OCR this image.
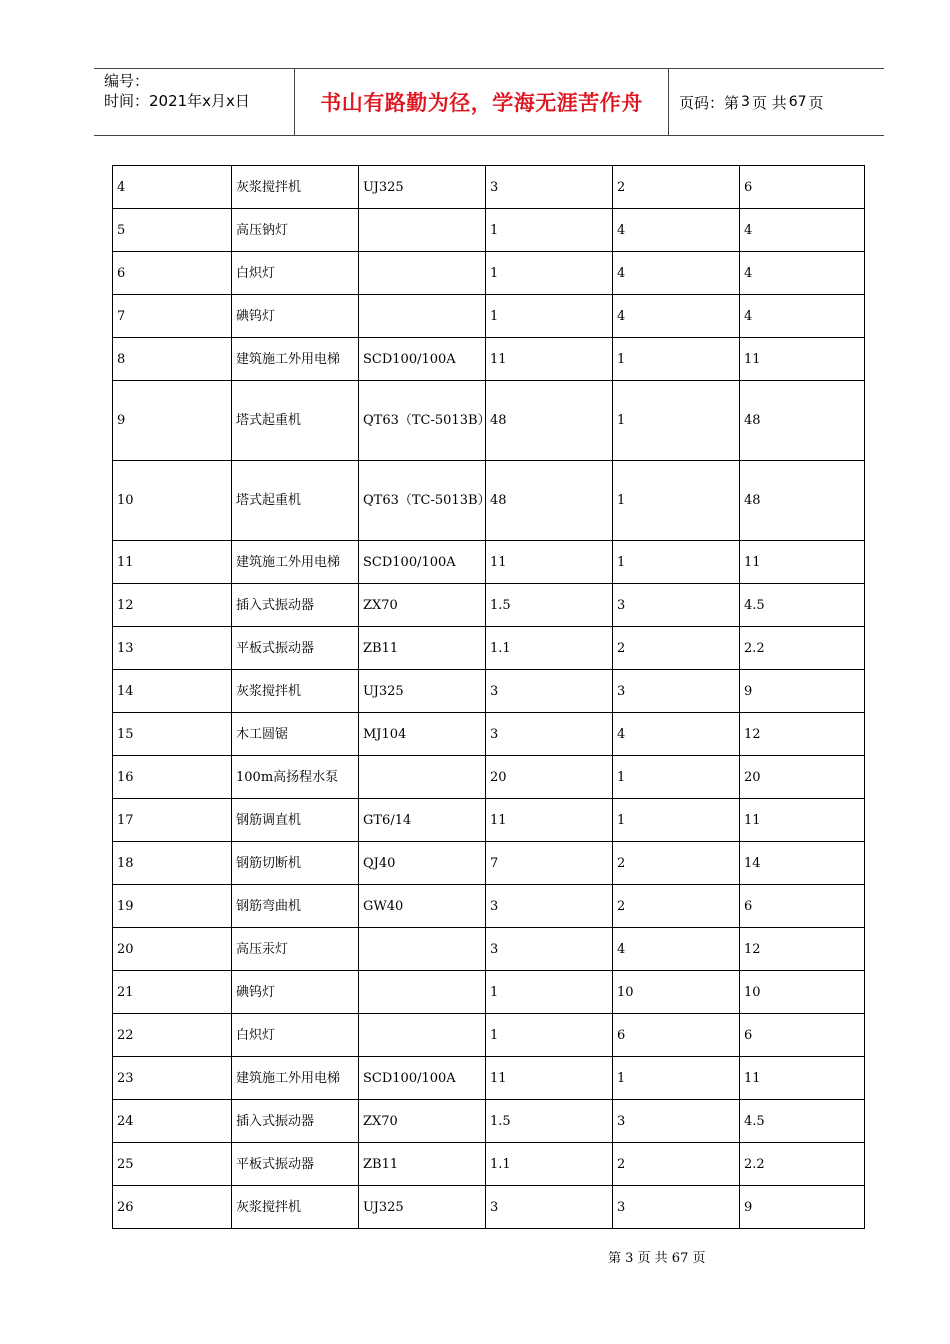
编号：
时间：2021年x月x日	书山有路勤为径，学海无涯苦作舟	页码：第 3 页 共 67 页
4	灰浆搅拌机	UJ325	3	2	6
5	高压钠灯		1	4	4
6	白炽灯		1	4	4
7	碘钨灯		1	4	4
8	建筑施工外用电梯	SCD100/100A	11	1	11
9	塔式起重机	QT63（TC-5013B）	48	1	48
10	塔式起重机	QT63（TC-5013B）	48	1	48
11	建筑施工外用电梯	SCD100/100A	11	1	11
12	插入式振动器	ZX70	1.5	3	4.5
13	平板式振动器	ZB11	1.1	2	2.2
14	灰浆搅拌机	UJ325	3	3	9
15	木工圆锯	MJ104	3	4	12
16	100m高扬程水泵		20	1	20
17	钢筋调直机	GT6/14	11	1	11
18	钢筋切断机	QJ40	7	2	14
19	钢筋弯曲机	GW40	3	2	6
20	高压汞灯		3	4	12
21	碘钨灯		1	10	10
22	白炽灯		1	6	6
23	建筑施工外用电梯	SCD100/100A	11	1	11
24	插入式振动器	ZX70	1.5	3	4.5
25	平板式振动器	ZB11	1.1	2	2.2
26	灰浆搅拌机	UJ325	3	3	9
第 3 页 共 67 页
